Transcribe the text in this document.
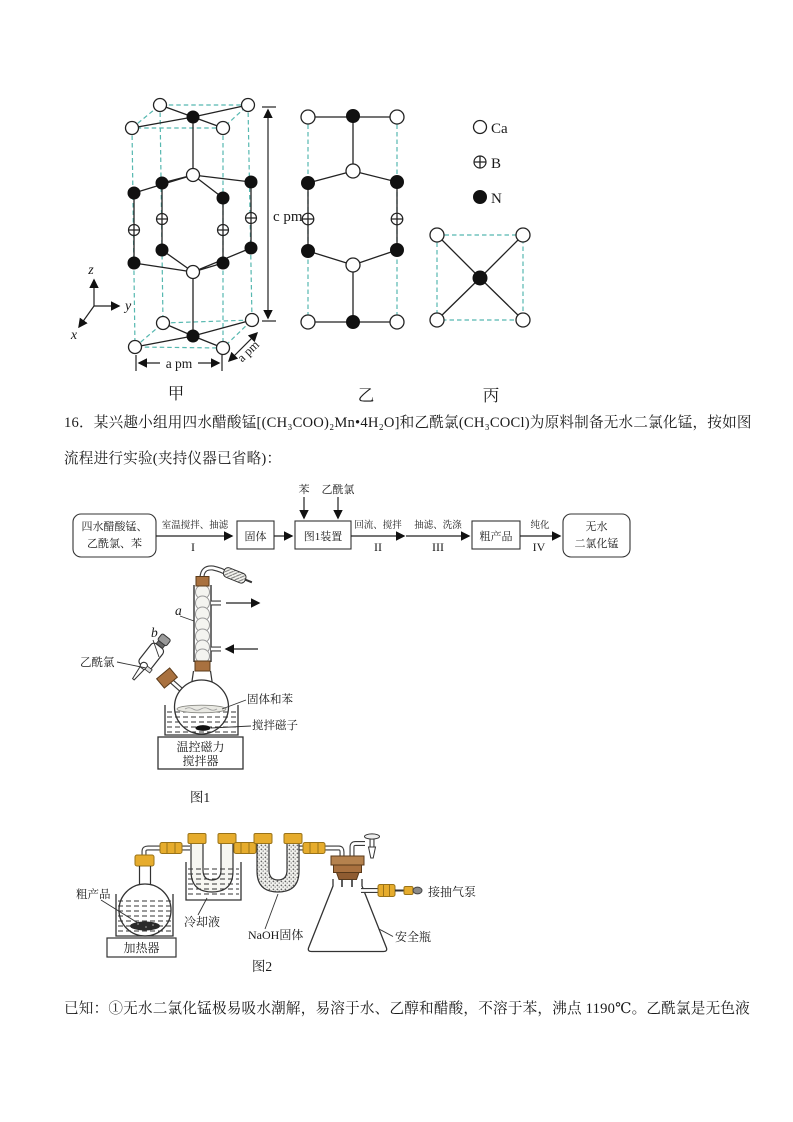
c pm
a pm	a pm
z
y
x
甲	乙	丙
Ca
B
N
16．某兴趣小组用四水醋酸锰[(CH₃COO)₂Mn•4H₂O]和乙酰氯(CH₃COCl)为原料制备无水二氯化锰，按如图
流程进行实验(夹持仪器已省略)：
四水醋酸锰、
乙酰氯、苯
室温搅拌、抽滤
I
固体	图1装置
苯 乙酰氯
回流、搅拌
II
抽滤、洗涤
III
粗产品
纯化
IV
无水
二氯化锰
a
b
乙酰氯
温控磁力
搅拌器
固体和苯
搅拌磁子
图1
加热器
粗产品
冷却液
NaOH固体
接抽气泵
安全瓶
图2
已知：①无水二氯化锰极易吸水潮解，易溶于水、乙醇和醋酸，不溶于苯，沸点 1190℃。乙酰氯是无色液
